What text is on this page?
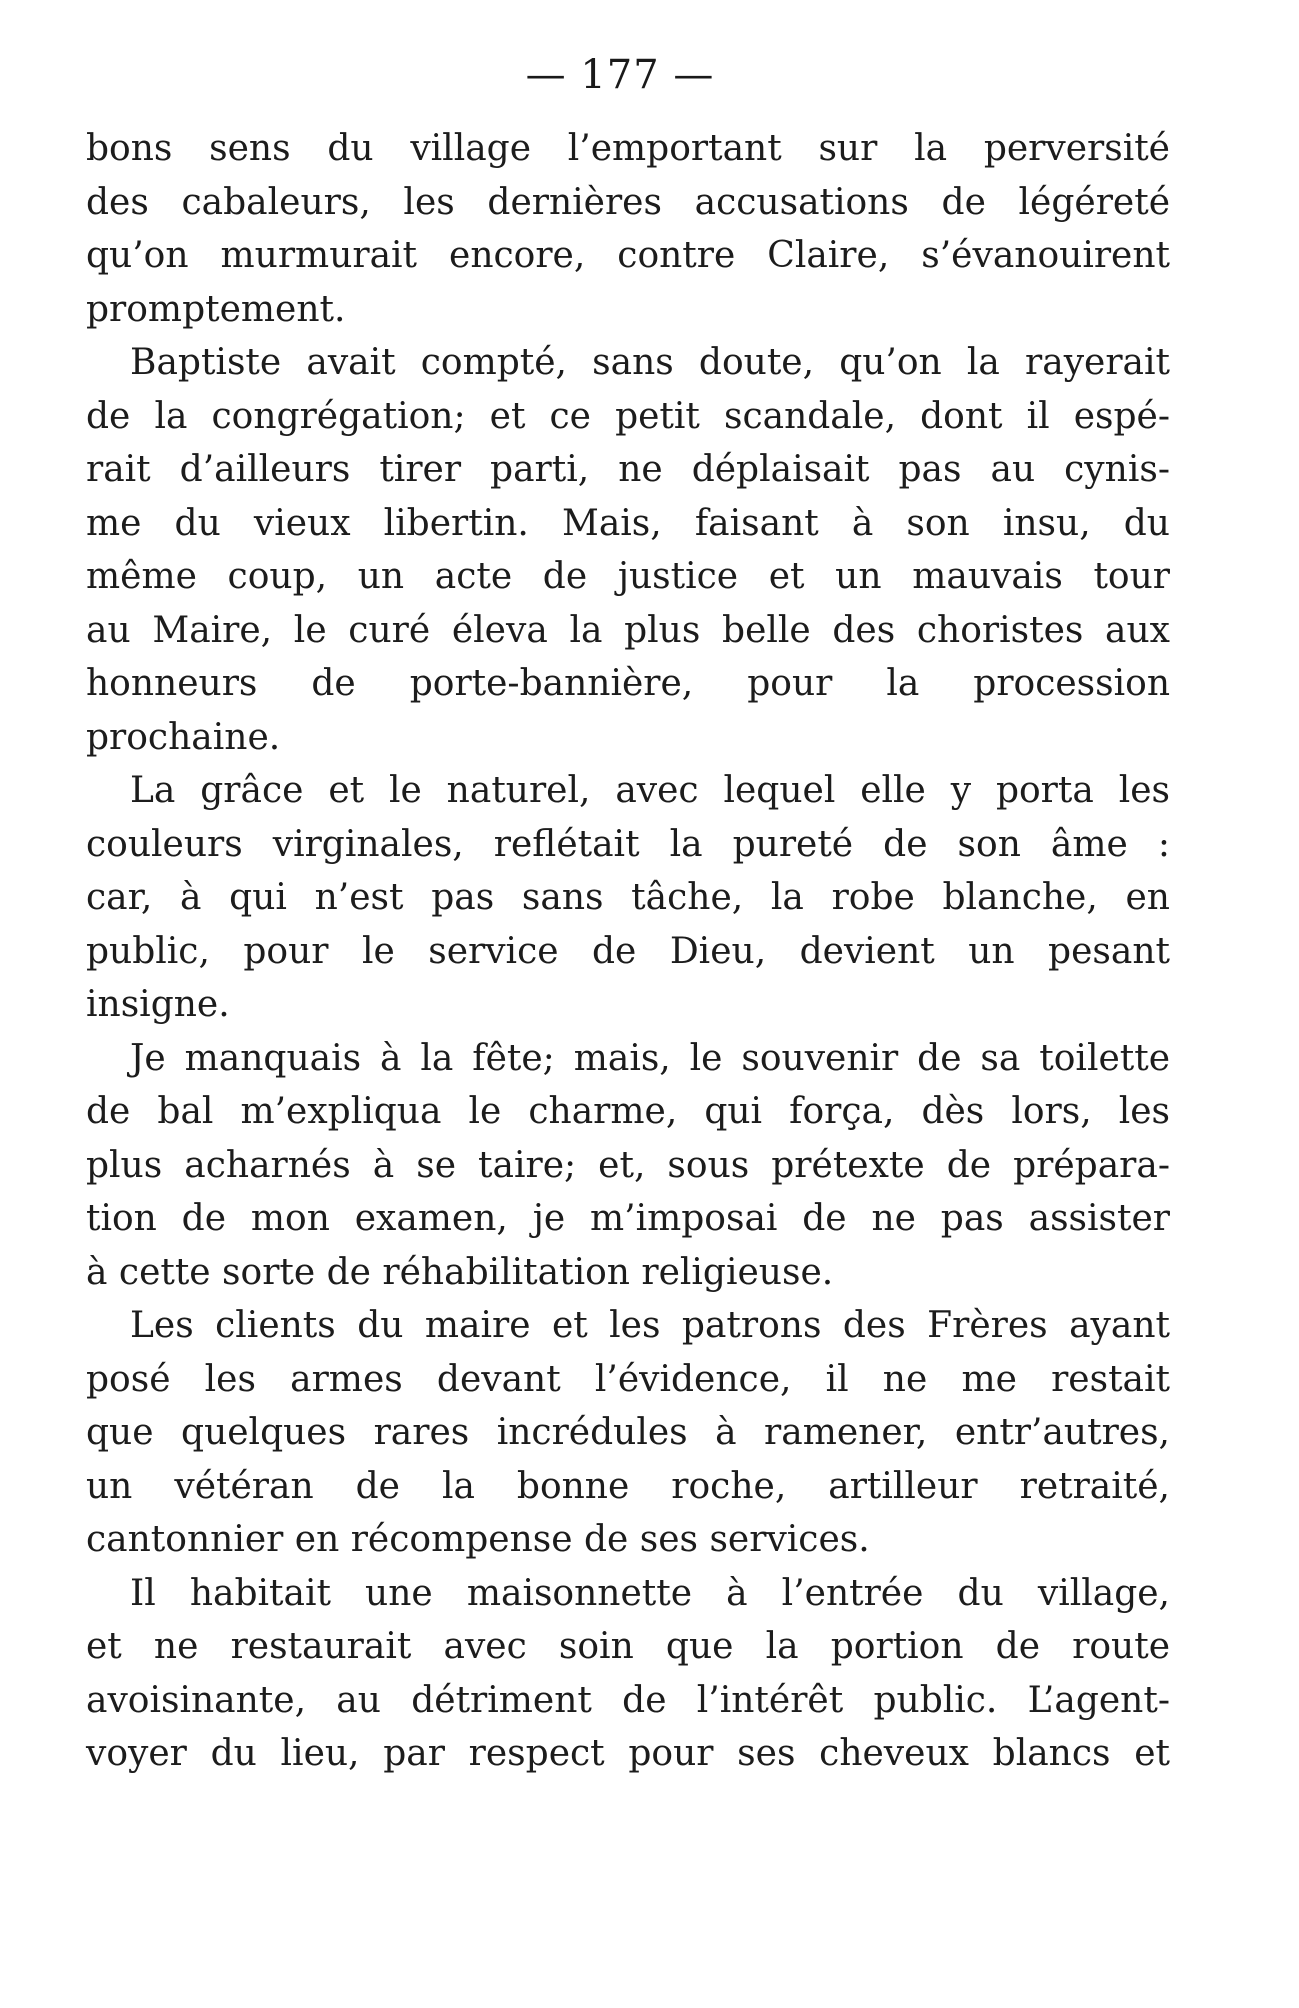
— 177 —
bons sens du village l’emportant sur la perversité
des cabaleurs, les dernières accusations de légéreté
qu’on murmurait encore, contre Claire, s’évanouirent
promptement.
Baptiste avait compté, sans doute, qu’on la rayerait
de la congrégation; et ce petit scandale, dont il espé-
rait d’ailleurs tirer parti, ne déplaisait pas au cynis-
me du vieux libertin. Mais, faisant à son insu, du
même coup, un acte de justice et un mauvais tour
au Maire, le curé éleva la plus belle des choristes aux
honneurs de porte-bannière, pour la procession
prochaine.
La grâce et le naturel, avec lequel elle y porta les
couleurs virginales, reflétait la pureté de son âme :
car, à qui n’est pas sans tâche, la robe blanche, en
public, pour le service de Dieu, devient un pesant
insigne.
Je manquais à la fête; mais, le souvenir de sa toilette
de bal m’expliqua le charme, qui força, dès lors, les
plus acharnés à se taire; et, sous prétexte de prépara-
tion de mon examen, je m’imposai de ne pas assister
à cette sorte de réhabilitation religieuse.
Les clients du maire et les patrons des Frères ayant
posé les armes devant l’évidence, il ne me restait
que quelques rares incrédules à ramener, entr’autres,
un vétéran de la bonne roche, artilleur retraité,
cantonnier en récompense de ses services.
Il habitait une maisonnette à l’entrée du village,
et ne restaurait avec soin que la portion de route
avoisinante, au détriment de l’intérêt public. L’agent-
voyer du lieu, par respect pour ses cheveux blancs et
